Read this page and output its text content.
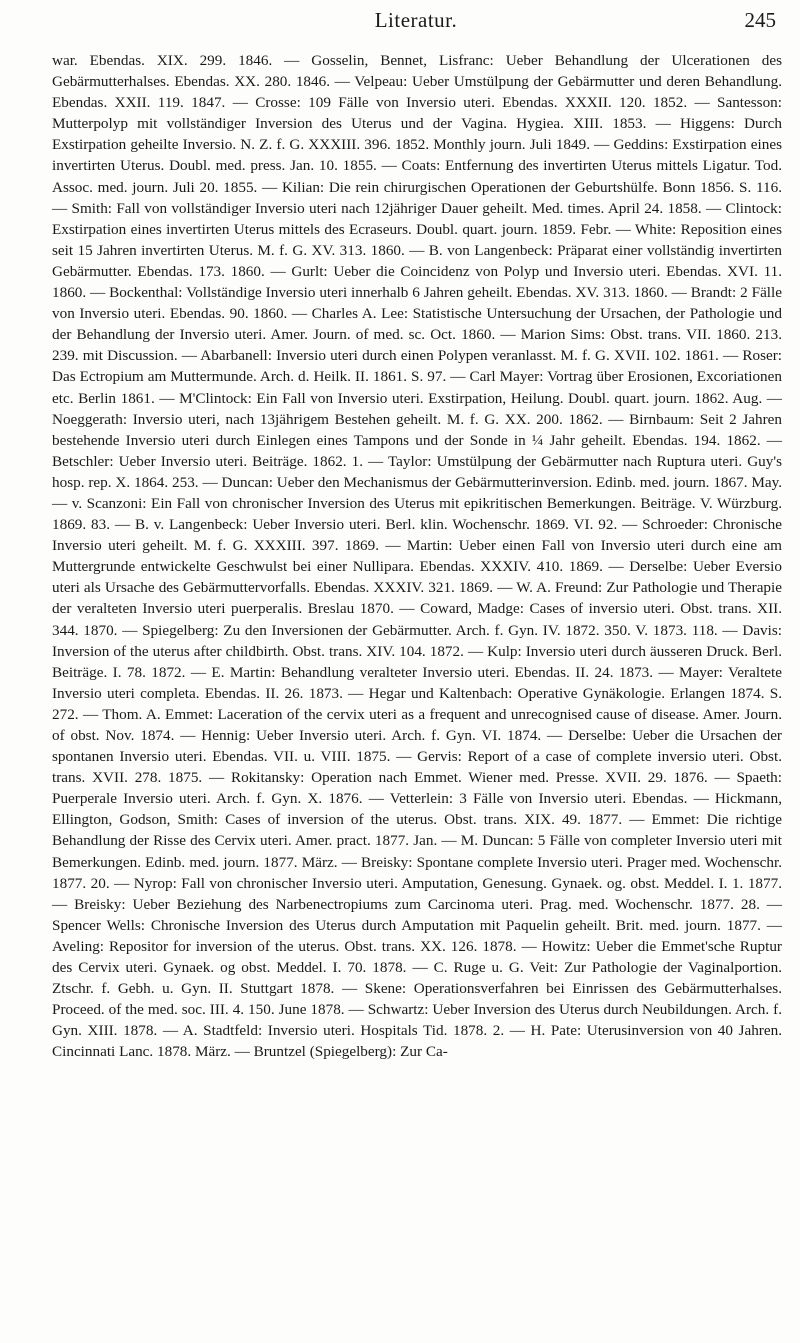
Literatur.	245

war. Ebendas. XIX. 299. 1846. — Gosselin, Bennet, Lisfranc: Ueber Behandlung der Ulcerationen des Gebärmutterhalses. Ebendas. XX. 280. 1846. — Velpeau: Ueber Umstülpung der Gebärmutter und deren Behandlung. Ebendas. XXII. 119. 1847. — Crosse: 109 Fälle von Inversio uteri. Ebendas. XXXII. 120. 1852. — Santesson: Mutterpolyp mit vollständiger Inversion des Uterus und der Vagina. Hygiea. XIII. 1853. — Higgens: Durch Exstirpation geheilte Inversio. N. Z. f. G. XXXIII. 396. 1852. Monthly journ. Juli 1849. — Geddins: Exstirpation eines invertirten Uterus. Doubl. med. press. Jan. 10. 1855. — Coats: Entfernung des invertirten Uterus mittels Ligatur. Tod. Assoc. med. journ. Juli 20. 1855. — Kilian: Die rein chirurgischen Operationen der Geburtshülfe. Bonn 1856. S. 116. — Smith: Fall von vollständiger Inversio uteri nach 12jähriger Dauer geheilt. Med. times. April 24. 1858. — Clintock: Exstirpation eines invertirten Uterus mittels des Ecraseurs. Doubl. quart. journ. 1859. Febr. — White: Reposition eines seit 15 Jahren invertirten Uterus. M. f. G. XV. 313. 1860. — B. von Langenbeck: Präparat einer vollständig invertirten Gebärmutter. Ebendas. 173. 1860. — Gurlt: Ueber die Coincidenz von Polyp und Inversio uteri. Ebendas. XVI. 11. 1860. — Bockenthal: Vollständige Inversio uteri innerhalb 6 Jahren geheilt. Ebendas. XV. 313. 1860. — Brandt: 2 Fälle von Inversio uteri. Ebendas. 90. 1860. — Charles A. Lee: Statistische Untersuchung der Ursachen, der Pathologie und der Behandlung der Inversio uteri. Amer. Journ. of med. sc. Oct. 1860. — Marion Sims: Obst. trans. VII. 1860. 213. 239. mit Discussion. — Abarbanell: Inversio uteri durch einen Polypen veranlasst. M. f. G. XVII. 102. 1861. — Roser: Das Ectropium am Muttermunde. Arch. d. Heilk. II. 1861. S. 97. — Carl Mayer: Vortrag über Erosionen, Excoriationen etc. Berlin 1861. — M'Clintock: Ein Fall von Inversio uteri. Exstirpation, Heilung. Doubl. quart. journ. 1862. Aug. — Noeggerath: Inversio uteri, nach 13jährigem Bestehen geheilt. M. f. G. XX. 200. 1862. — Birnbaum: Seit 2 Jahren bestehende Inversio uteri durch Einlegen eines Tampons und der Sonde in ¼ Jahr geheilt. Ebendas. 194. 1862. — Betschler: Ueber Inversio uteri. Beiträge. 1862. 1. — Taylor: Umstülpung der Gebärmutter nach Ruptura uteri. Guy's hosp. rep. X. 1864. 253. — Duncan: Ueber den Mechanismus der Gebärmutterinversion. Edinb. med. journ. 1867. May. — v. Scanzoni: Ein Fall von chronischer Inversion des Uterus mit epikritischen Bemerkungen. Beiträge. V. Würzburg. 1869. 83. — B. v. Langenbeck: Ueber Inversio uteri. Berl. klin. Wochenschr. 1869. VI. 92. — Schroeder: Chronische Inversio uteri geheilt. M. f. G. XXXIII. 397. 1869. — Martin: Ueber einen Fall von Inversio uteri durch eine am Muttergrunde entwickelte Geschwulst bei einer Nullipara. Ebendas. XXXIV. 410. 1869. — Derselbe: Ueber Eversio uteri als Ursache des Gebärmuttervorfalls. Ebendas. XXXIV. 321. 1869. — W. A. Freund: Zur Pathologie und Therapie der veralteten Inversio uteri puerperalis. Breslau 1870. — Coward, Madge: Cases of inversio uteri. Obst. trans. XII. 344. 1870. — Spiegelberg: Zu den Inversionen der Gebärmutter. Arch. f. Gyn. IV. 1872. 350. V. 1873. 118. — Davis: Inversion of the uterus after childbirth. Obst. trans. XIV. 104. 1872. — Kulp: Inversio uteri durch äusseren Druck. Berl. Beiträge. I. 78. 1872. — E. Martin: Behandlung veralteter Inversio uteri. Ebendas. II. 24. 1873. — Mayer: Veraltete Inversio uteri completa. Ebendas. II. 26. 1873. — Hegar und Kaltenbach: Operative Gynäkologie. Erlangen 1874. S. 272. — Thom. A. Emmet: Laceration of the cervix uteri as a frequent and unrecognised cause of disease. Amer. Journ. of obst. Nov. 1874. — Hennig: Ueber Inversio uteri. Arch. f. Gyn. VI. 1874. — Derselbe: Ueber die Ursachen der spontanen Inversio uteri. Ebendas. VII. u. VIII. 1875. — Gervis: Report of a case of complete inversio uteri. Obst. trans. XVII. 278. 1875. — Rokitansky: Operation nach Emmet. Wiener med. Presse. XVII. 29. 1876. — Spaeth: Puerperale Inversio uteri. Arch. f. Gyn. X. 1876. — Vetterlein: 3 Fälle von Inversio uteri. Ebendas. — Hickmann, Ellington, Godson, Smith: Cases of inversion of the uterus. Obst. trans. XIX. 49. 1877. — Emmet: Die richtige Behandlung der Risse des Cervix uteri. Amer. pract. 1877. Jan. — M. Duncan: 5 Fälle von completer Inversio uteri mit Bemerkungen. Edinb. med. journ. 1877. März. — Breisky: Spontane complete Inversio uteri. Prager med. Wochenschr. 1877. 20. — Nyrop: Fall von chronischer Inversio uteri. Amputation, Genesung. Gynaek. og. obst. Meddel. I. 1. 1877. — Breisky: Ueber Beziehung des Narbenectropiums zum Carcinoma uteri. Prag. med. Wochenschr. 1877. 28. — Spencer Wells: Chronische Inversion des Uterus durch Amputation mit Paquelin geheilt. Brit. med. journ. 1877. — Aveling: Repositor for inversion of the uterus. Obst. trans. XX. 126. 1878. — Howitz: Ueber die Emmet'sche Ruptur des Cervix uteri. Gynaek. og obst. Meddel. I. 70. 1878. — C. Ruge u. G. Veit: Zur Pathologie der Vaginalportion. Ztschr. f. Gebh. u. Gyn. II. Stuttgart 1878. — Skene: Operationsverfahren bei Einrissen des Gebärmutterhalses. Proceed. of the med. soc. III. 4. 150. June 1878. — Schwartz: Ueber Inversion des Uterus durch Neubildungen. Arch. f. Gyn. XIII. 1878. — A. Stadtfeld: Inversio uteri. Hospitals Tid. 1878. 2. — H. Pate: Uterusinversion von 40 Jahren. Cincinnati Lanc. 1878. März. — Bruntzel (Spiegelberg): Zur Ca-
